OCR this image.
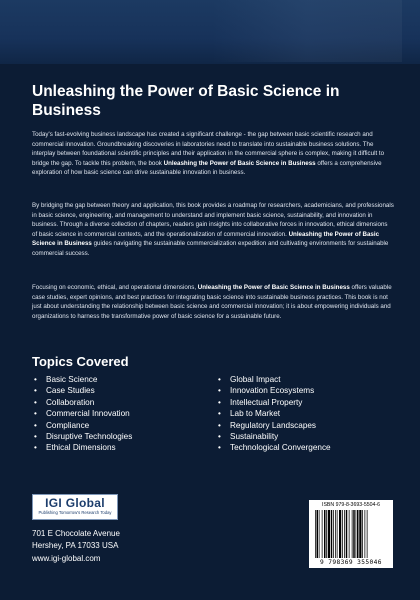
Unleashing the Power of Basic Science in Business
Today's fast-evolving business landscape has created a significant challenge - the gap between basic scientific research and commercial innovation. Groundbreaking discoveries in laboratories need to translate into sustainable business solutions. The interplay between foundational scientific principles and their application in the commercial sphere is complex, making it difficult to bridge the gap. To tackle this problem, the book Unleashing the Power of Basic Science in Business offers a comprehensive exploration of how basic science can drive sustainable innovation in business.
By bridging the gap between theory and application, this book provides a roadmap for researchers, academicians, and professionals in basic science, engineering, and management to understand and implement basic science, sustainability, and innovation in business. Through a diverse collection of chapters, readers gain insights into collaborative forces in innovation, ethical dimensions of basic science in commercial contexts, and the operationalization of commercial innovation. Unleashing the Power of Basic Science in Business guides navigating the sustainable commercialization expedition and cultivating environments for sustainable commercial success.
Focusing on economic, ethical, and operational dimensions, Unleashing the Power of Basic Science in Business offers valuable case studies, expert opinions, and best practices for integrating basic science into sustainable business practices. This book is not just about understanding the relationship between basic science and commercial innovation; it is about empowering individuals and organizations to harness the transformative power of basic science for a sustainable future.
Topics Covered
• Basic Science
• Case Studies
• Collaboration
• Commercial Innovation
• Compliance
• Disruptive Technologies
• Ethical Dimensions
• Global Impact
• Innovation Ecosystems
• Intellectual Property
• Lab to Market
• Regulatory Landscapes
• Sustainability
• Technological Convergence
IGI Global
Publishing Tomorrow's Research Today
701 E Chocolate Avenue
Hershey, PA 17033 USA
www.igi-global.com
ISBN 979-8-3693-5504-6
9 798369 355046
